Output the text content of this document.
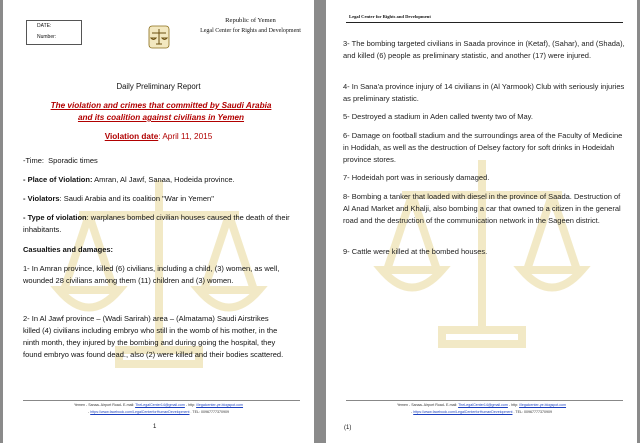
DATE:
Number:
Republic of Yemen
Legal Center for Rights and Development
Daily Preliminary Report
The violation and crimes that committed by Saudi Arabia
and its coalition against civilians in Yemen
Violation date: April 11, 2015
-Time: Sporadic times
- Place of Violation: Amran, Al Jawf, Sanaa, Hodeida province.
- Violators: Saudi Arabia and its coalition "War in Yemen"
- Type of violation: warplanes bombed civilian houses caused the death of their inhabitants.
Casualties and damages:
1- In Amran province, killed (6) civilians, including a child, (3) women, as well, wounded 28 civilians among them (11) children and (3) women.
2- In Al Jawf province – (Wadi Sarirah) area – (Almatama) Saudi Airstrikes killed (4) civilians including embryo who still in the womb of his mother, in the ninth month, they injured by the bombing and during going the hospital, they found embryo was found dead., also (2) were killed and their bodies scattered.
Yemen - Sanaa- Airport Road- E-mail: TheLegalCenter14@gmail.com - http: //legalcenter-ye.blogspot.com
- https://www.facebook.com/LegalCenterforHumanDevelopment . TEL: 00967777370909
1
Legal Center for Rights and Development
3- The bombing targeted civilians in Saada province in (Ketaf), (Sahar), and (Shada), and killed (6) people as preliminary statistic, and another (17) were injured.
4- In Sana'a province injury of 14 civilians in (Al Yarmook) Club with seriously injuries as preliminary statistic.
5- Destroyed a stadium in Aden called twenty two of May.
6- Damage on football stadium and the surroundings area of the Faculty of Medicine in Hodidah, as well as the destruction of Delsey factory for soft drinks in Hodeidah province stores.
7- Hodeidah port was in seriously damaged.
8- Bombing a tanker that loaded with diesel in the province of Saada. Destruction of Al Anad Market and Khalji, also bombing a car that owned to a citizen in the general road and the destruction of the communication network in the Sageen district.
9- Cattle were killed at the bombed houses.
Yemen - Sanaa- Airport Road- E-mail: TheLegalCenter14@gmail.com - http: //legalcenter-ye.blogspot.com
- https://www.facebook.com/LegalCenterforHumanDevelopment . TEL: 00967777370909
(1)
